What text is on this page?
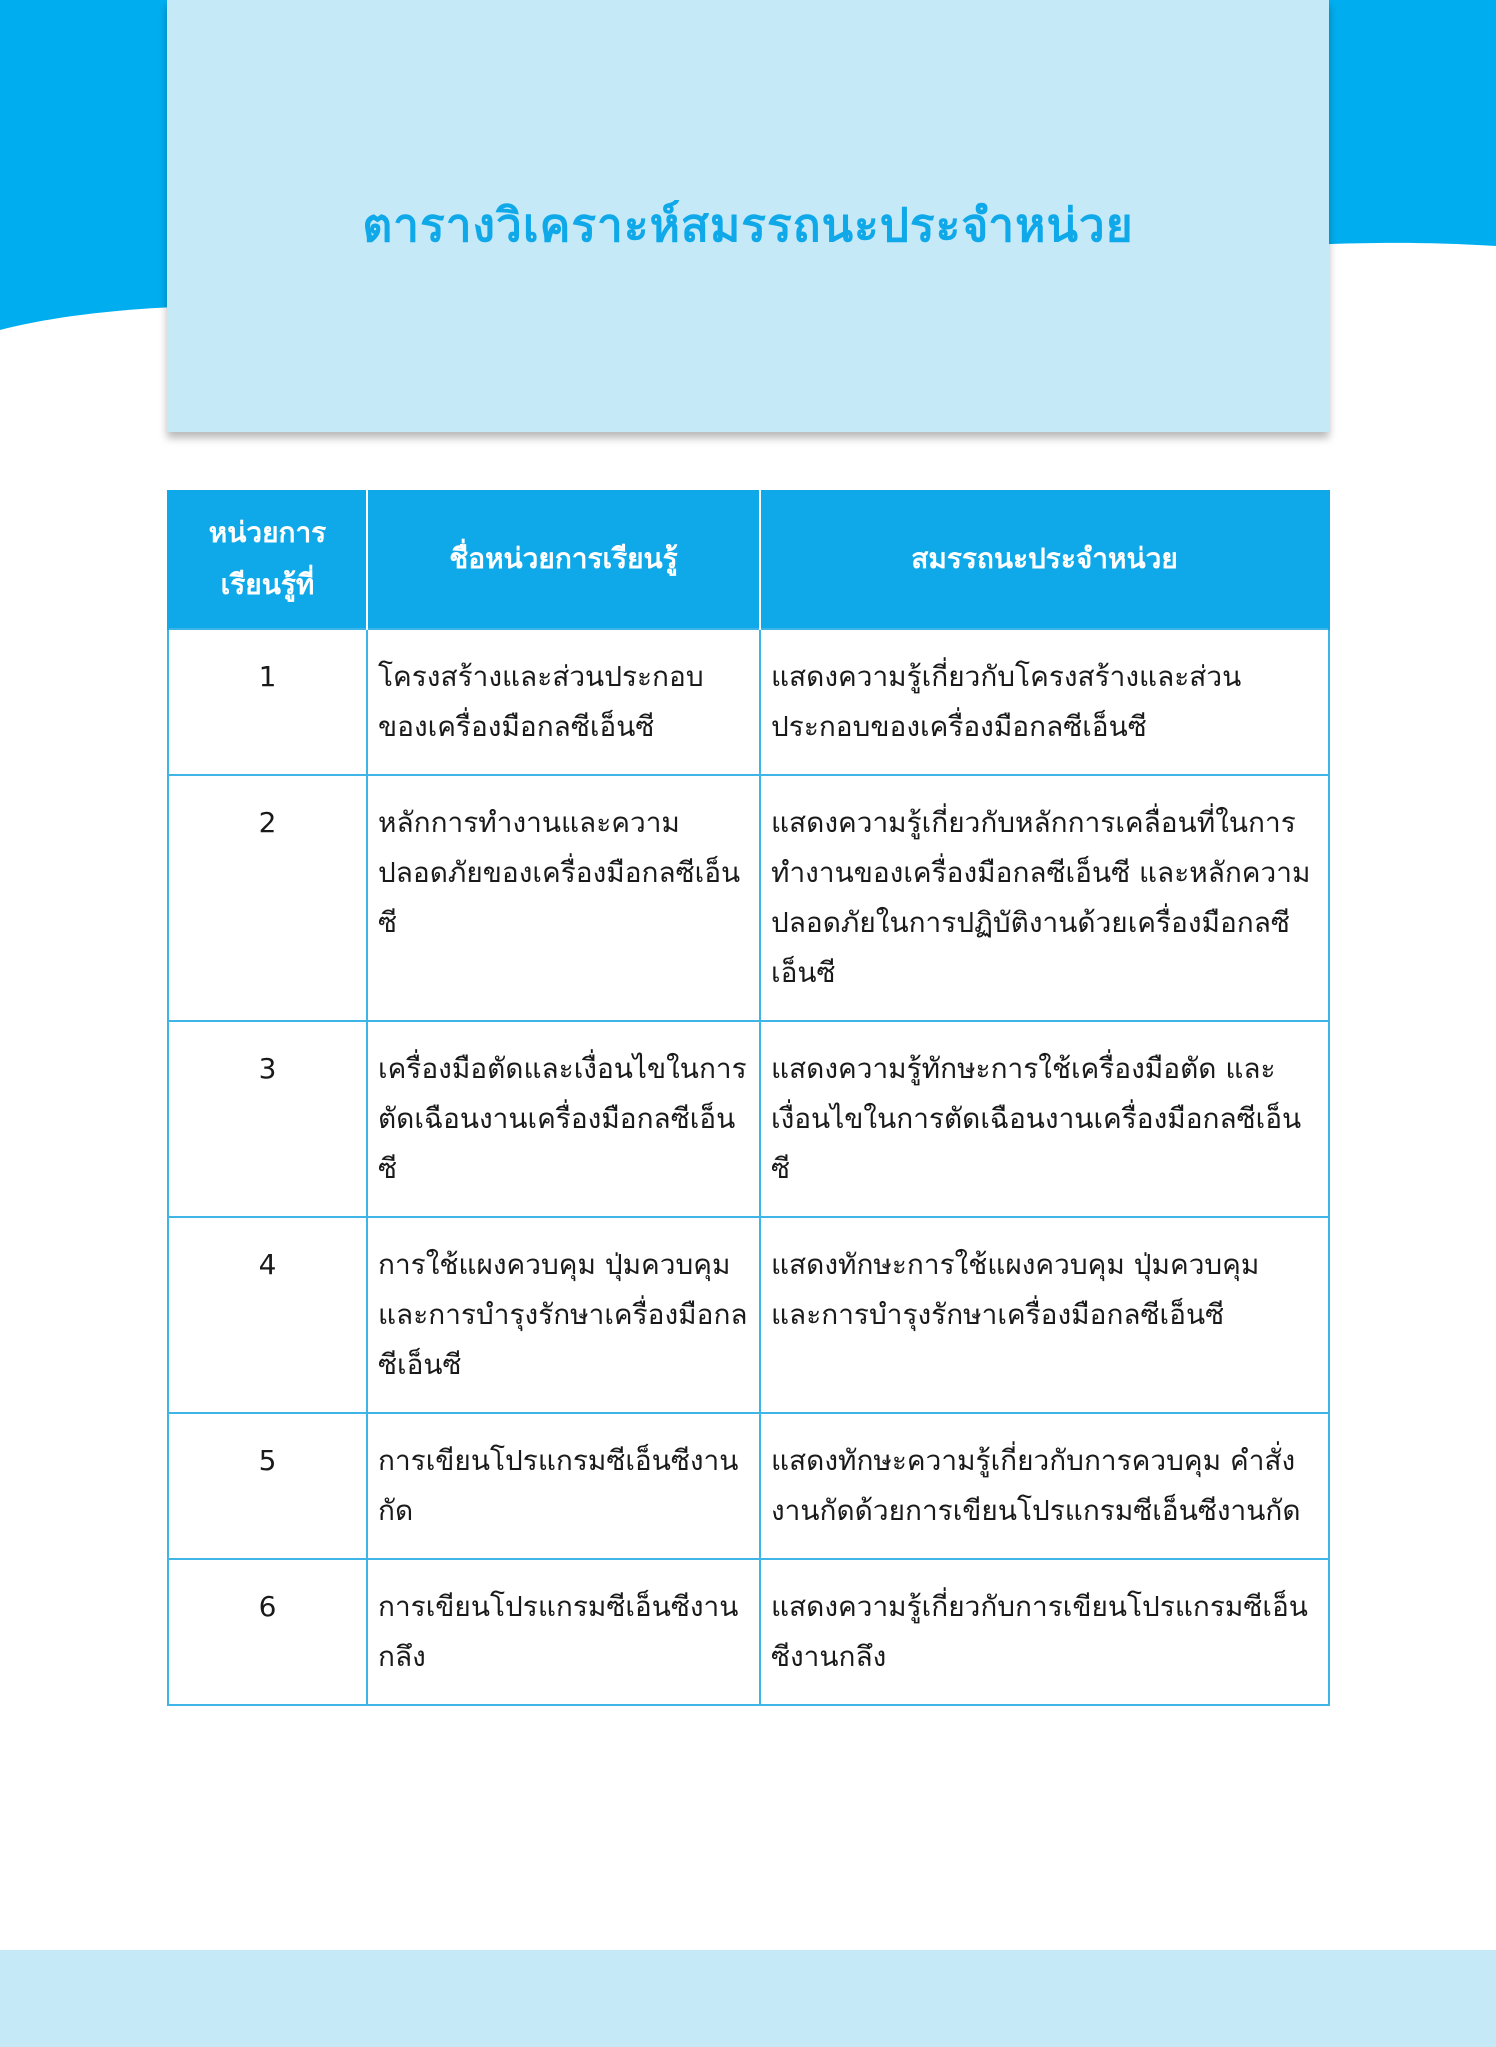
ตารางวิเคราะห์สมรรถนะประจำหน่วย
หน่วยการเรียนรู้ที่	ชื่อหน่วยการเรียนรู้	สมรรถนะประจำหน่วย
1	โครงสร้างและส่วนประกอบของเครื่องมือกลซีเอ็นซี	แสดงความรู้เกี่ยวกับโครงสร้างและส่วนประกอบของเครื่องมือกลซีเอ็นซี
2	หลักการทำงานและความปลอดภัยของเครื่องมือกลซีเอ็นซี	แสดงความรู้เกี่ยวกับหลักการเคลื่อนที่ในการทำงานของเครื่องมือกลซีเอ็นซี และหลักความปลอดภัยในการปฏิบัติงานด้วยเครื่องมือกลซีเอ็นซี
3	เครื่องมือตัดและเงื่อนไขในการตัดเฉือนงานเครื่องมือกลซีเอ็นซี	แสดงความรู้ทักษะการใช้เครื่องมือตัด และเงื่อนไขในการตัดเฉือนงานเครื่องมือกลซีเอ็นซี
4	การใช้แผงควบคุม ปุ่มควบคุม และการบำรุงรักษาเครื่องมือกลซีเอ็นซี	แสดงทักษะการใช้แผงควบคุม ปุ่มควบคุม และการบำรุงรักษาเครื่องมือกลซีเอ็นซี
5	การเขียนโปรแกรมซีเอ็นซีงานกัด	แสดงทักษะความรู้เกี่ยวกับการควบคุม คำสั่งงานกัดด้วยการเขียนโปรแกรมซีเอ็นซีงานกัด
6	การเขียนโปรแกรมซีเอ็นซีงานกลึง	แสดงความรู้เกี่ยวกับการเขียนโปรแกรมซีเอ็นซีงานกลึง
